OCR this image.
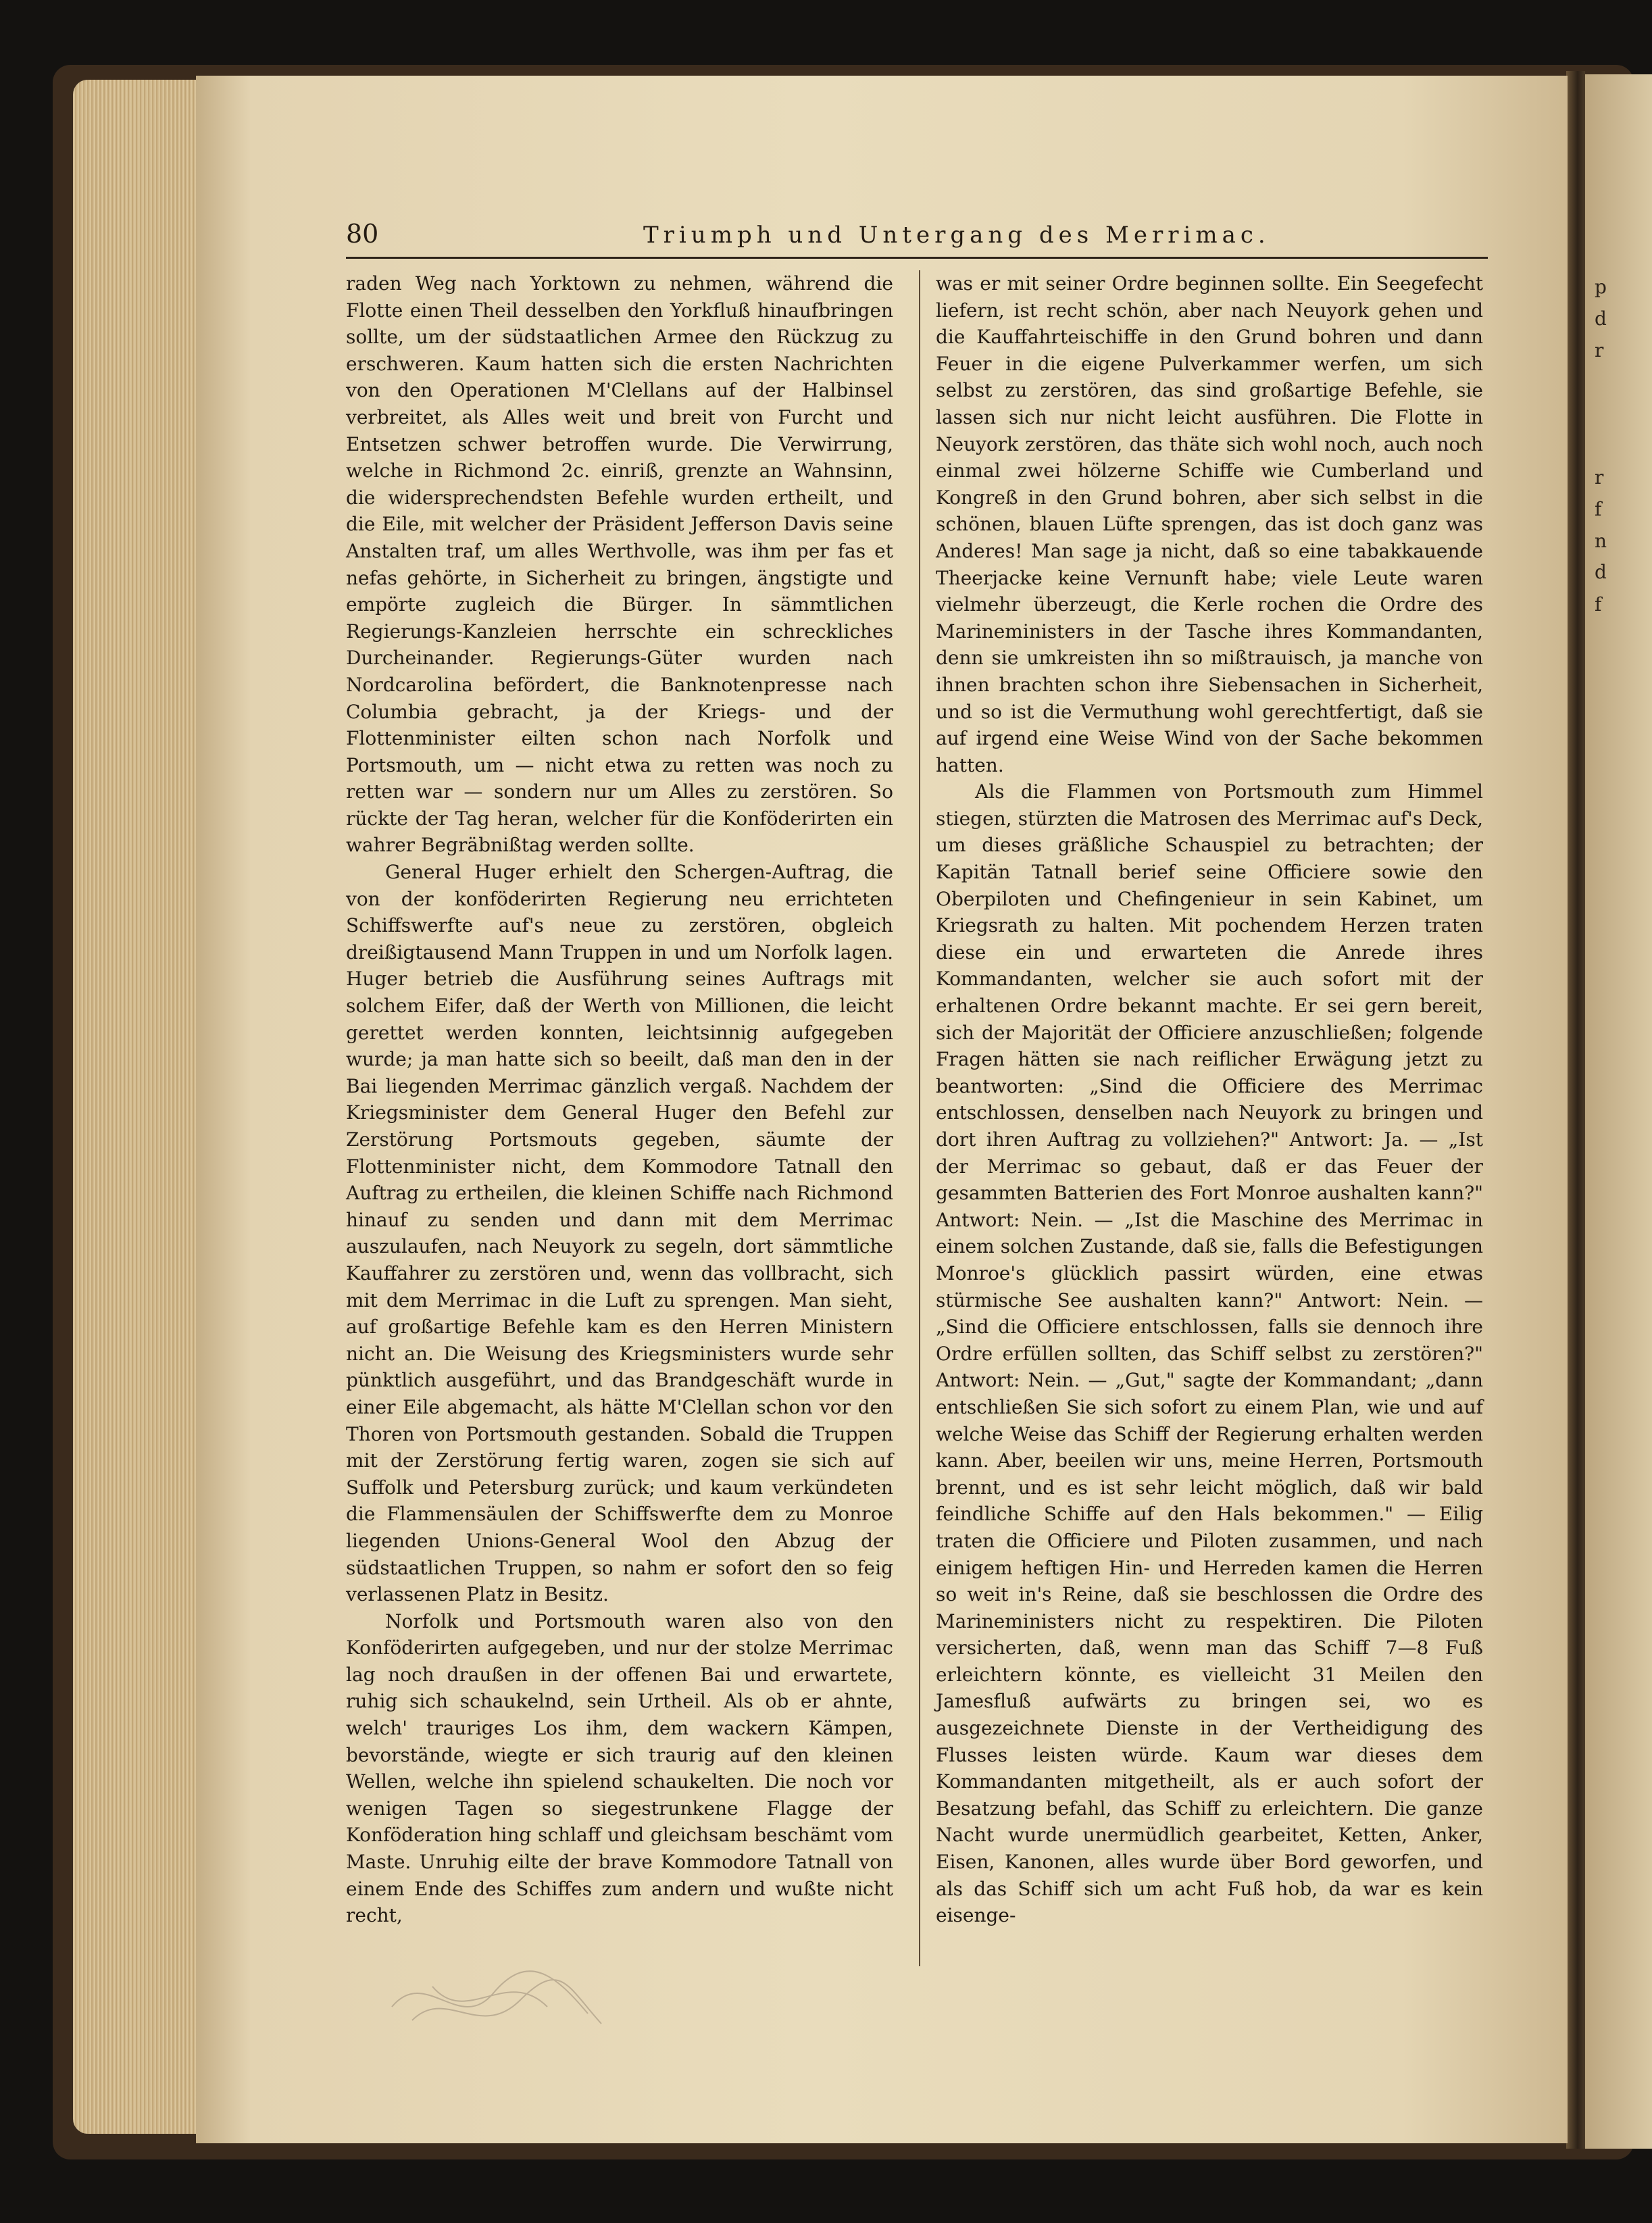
p
d
r
r
f
n
d
f
80	Triumph und Untergang des Merrimac.

raden Weg nach Yorktown zu nehmen, während die Flotte einen Theil desselben den Yorkfluß hinaufbringen sollte, um der südstaatlichen Armee den Rückzug zu erschweren. Kaum hatten sich die ersten Nachrichten von den Operationen M'Clellans auf der Halbinsel verbreitet, als Alles weit und breit von Furcht und Entsetzen schwer betroffen wurde. Die Verwirrung, welche in Richmond 2c. einriß, grenzte an Wahnsinn, die widersprechendsten Befehle wurden ertheilt, und die Eile, mit welcher der Präsident Jefferson Davis seine Anstalten traf, um alles Werthvolle, was ihm per fas et nefas gehörte, in Sicherheit zu bringen, ängstigte und empörte zugleich die Bürger. In sämmtlichen Regierungs-Kanzleien herrschte ein schreckliches Durcheinander. Regierungs-Güter wurden nach Nordcarolina befördert, die Banknotenpresse nach Columbia gebracht, ja der Kriegs- und der Flottenminister eilten schon nach Norfolk und Portsmouth, um — nicht etwa zu retten was noch zu retten war — sondern nur um Alles zu zerstören. So rückte der Tag heran, welcher für die Konföderirten ein wahrer Begräbnißtag werden sollte.

General Huger erhielt den Schergen-Auftrag, die von der konföderirten Regierung neu errichteten Schiffswerfte auf's neue zu zerstören, obgleich dreißigtausend Mann Truppen in und um Norfolk lagen. Huger betrieb die Ausführung seines Auftrags mit solchem Eifer, daß der Werth von Millionen, die leicht gerettet werden konnten, leichtsinnig aufgegeben wurde; ja man hatte sich so beeilt, daß man den in der Bai liegenden Merrimac gänzlich vergaß. Nachdem der Kriegsminister dem General Huger den Befehl zur Zerstörung Portsmouts gegeben, säumte der Flottenminister nicht, dem Kommodore Tatnall den Auftrag zu ertheilen, die kleinen Schiffe nach Richmond hinauf zu senden und dann mit dem Merrimac auszulaufen, nach Neuyork zu segeln, dort sämmtliche Kauffahrer zu zerstören und, wenn das vollbracht, sich mit dem Merrimac in die Luft zu sprengen. Man sieht, auf großartige Befehle kam es den Herren Ministern nicht an. Die Weisung des Kriegsministers wurde sehr pünktlich ausgeführt, und das Brandgeschäft wurde in einer Eile abgemacht, als hätte M'Clellan schon vor den Thoren von Portsmouth gestanden. Sobald die Truppen mit der Zerstörung fertig waren, zogen sie sich auf Suffolk und Petersburg zurück; und kaum verkündeten die Flammensäulen der Schiffswerfte dem zu Monroe liegenden Unions-General Wool den Abzug der südstaatlichen Truppen, so nahm er sofort den so feig verlassenen Platz in Besitz.

Norfolk und Portsmouth waren also von den Konföderirten aufgegeben, und nur der stolze Merrimac lag noch draußen in der offenen Bai und erwartete, ruhig sich schaukelnd, sein Urtheil. Als ob er ahnte, welch' trauriges Los ihm, dem wackern Kämpen, bevorstände, wiegte er sich traurig auf den kleinen Wellen, welche ihn spielend schaukelten. Die noch vor wenigen Tagen so siegestrunkene Flagge der Konföderation hing schlaff und gleichsam beschämt vom Maste. Unruhig eilte der brave Kommodore Tatnall von einem Ende des Schiffes zum andern und wußte nicht recht,

was er mit seiner Ordre beginnen sollte. Ein Seegefecht liefern, ist recht schön, aber nach Neuyork gehen und die Kauffahrteischiffe in den Grund bohren und dann Feuer in die eigene Pulverkammer werfen, um sich selbst zu zerstören, das sind großartige Befehle, sie lassen sich nur nicht leicht ausführen. Die Flotte in Neuyork zerstören, das thäte sich wohl noch, auch noch einmal zwei hölzerne Schiffe wie Cumberland und Kongreß in den Grund bohren, aber sich selbst in die schönen, blauen Lüfte sprengen, das ist doch ganz was Anderes! Man sage ja nicht, daß so eine tabakkauende Theerjacke keine Vernunft habe; viele Leute waren vielmehr überzeugt, die Kerle rochen die Ordre des Marineministers in der Tasche ihres Kommandanten, denn sie umkreisten ihn so mißtrauisch, ja manche von ihnen brachten schon ihre Siebensachen in Sicherheit, und so ist die Vermuthung wohl gerechtfertigt, daß sie auf irgend eine Weise Wind von der Sache bekommen hatten.

Als die Flammen von Portsmouth zum Himmel stiegen, stürzten die Matrosen des Merrimac auf's Deck, um dieses gräßliche Schauspiel zu betrachten; der Kapitän Tatnall berief seine Officiere sowie den Oberpiloten und Chefingenieur in sein Kabinet, um Kriegsrath zu halten. Mit pochendem Herzen traten diese ein und erwarteten die Anrede ihres Kommandanten, welcher sie auch sofort mit der erhaltenen Ordre bekannt machte. Er sei gern bereit, sich der Majorität der Officiere anzuschließen; folgende Fragen hätten sie nach reiflicher Erwägung jetzt zu beantworten: „Sind die Officiere des Merrimac entschlossen, denselben nach Neuyork zu bringen und dort ihren Auftrag zu vollziehen?" Antwort: Ja. — „Ist der Merrimac so gebaut, daß er das Feuer der gesammten Batterien des Fort Monroe aushalten kann?" Antwort: Nein. — „Ist die Maschine des Merrimac in einem solchen Zustande, daß sie, falls die Befestigungen Monroe's glücklich passirt würden, eine etwas stürmische See aushalten kann?" Antwort: Nein. — „Sind die Officiere entschlossen, falls sie dennoch ihre Ordre erfüllen sollten, das Schiff selbst zu zerstören?" Antwort: Nein. — „Gut," sagte der Kommandant; „dann entschließen Sie sich sofort zu einem Plan, wie und auf welche Weise das Schiff der Regierung erhalten werden kann. Aber, beeilen wir uns, meine Herren, Portsmouth brennt, und es ist sehr leicht möglich, daß wir bald feindliche Schiffe auf den Hals bekommen." — Eilig traten die Officiere und Piloten zusammen, und nach einigem heftigen Hin- und Herreden kamen die Herren so weit in's Reine, daß sie beschlossen die Ordre des Marineministers nicht zu respektiren. Die Piloten versicherten, daß, wenn man das Schiff 7—8 Fuß erleichtern könnte, es vielleicht 31 Meilen den Jamesfluß aufwärts zu bringen sei, wo es ausgezeichnete Dienste in der Vertheidigung des Flusses leisten würde. Kaum war dieses dem Kommandanten mitgetheilt, als er auch sofort der Besatzung befahl, das Schiff zu erleichtern. Die ganze Nacht wurde unermüdlich gearbeitet, Ketten, Anker, Eisen, Kanonen, alles wurde über Bord geworfen, und als das Schiff sich um acht Fuß hob, da war es kein eisenge-
